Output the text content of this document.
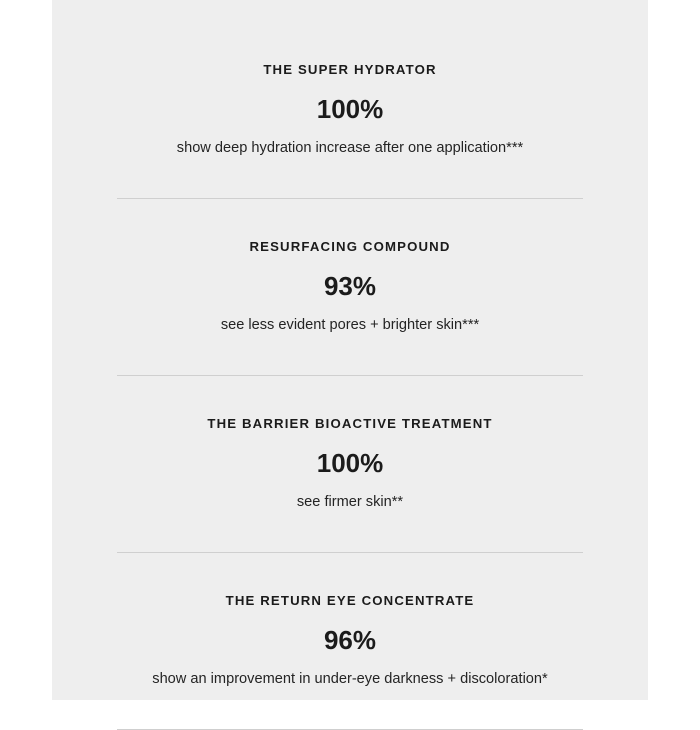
THE SUPER HYDRATOR
100%
show deep hydration increase after one application***
RESURFACING COMPOUND
93%
see less evident pores + brighter skin***
THE BARRIER BIOACTIVE TREATMENT
100%
see firmer skin**
THE RETURN EYE CONCENTRATE
96%
show an improvement in under-eye darkness + discoloration*
